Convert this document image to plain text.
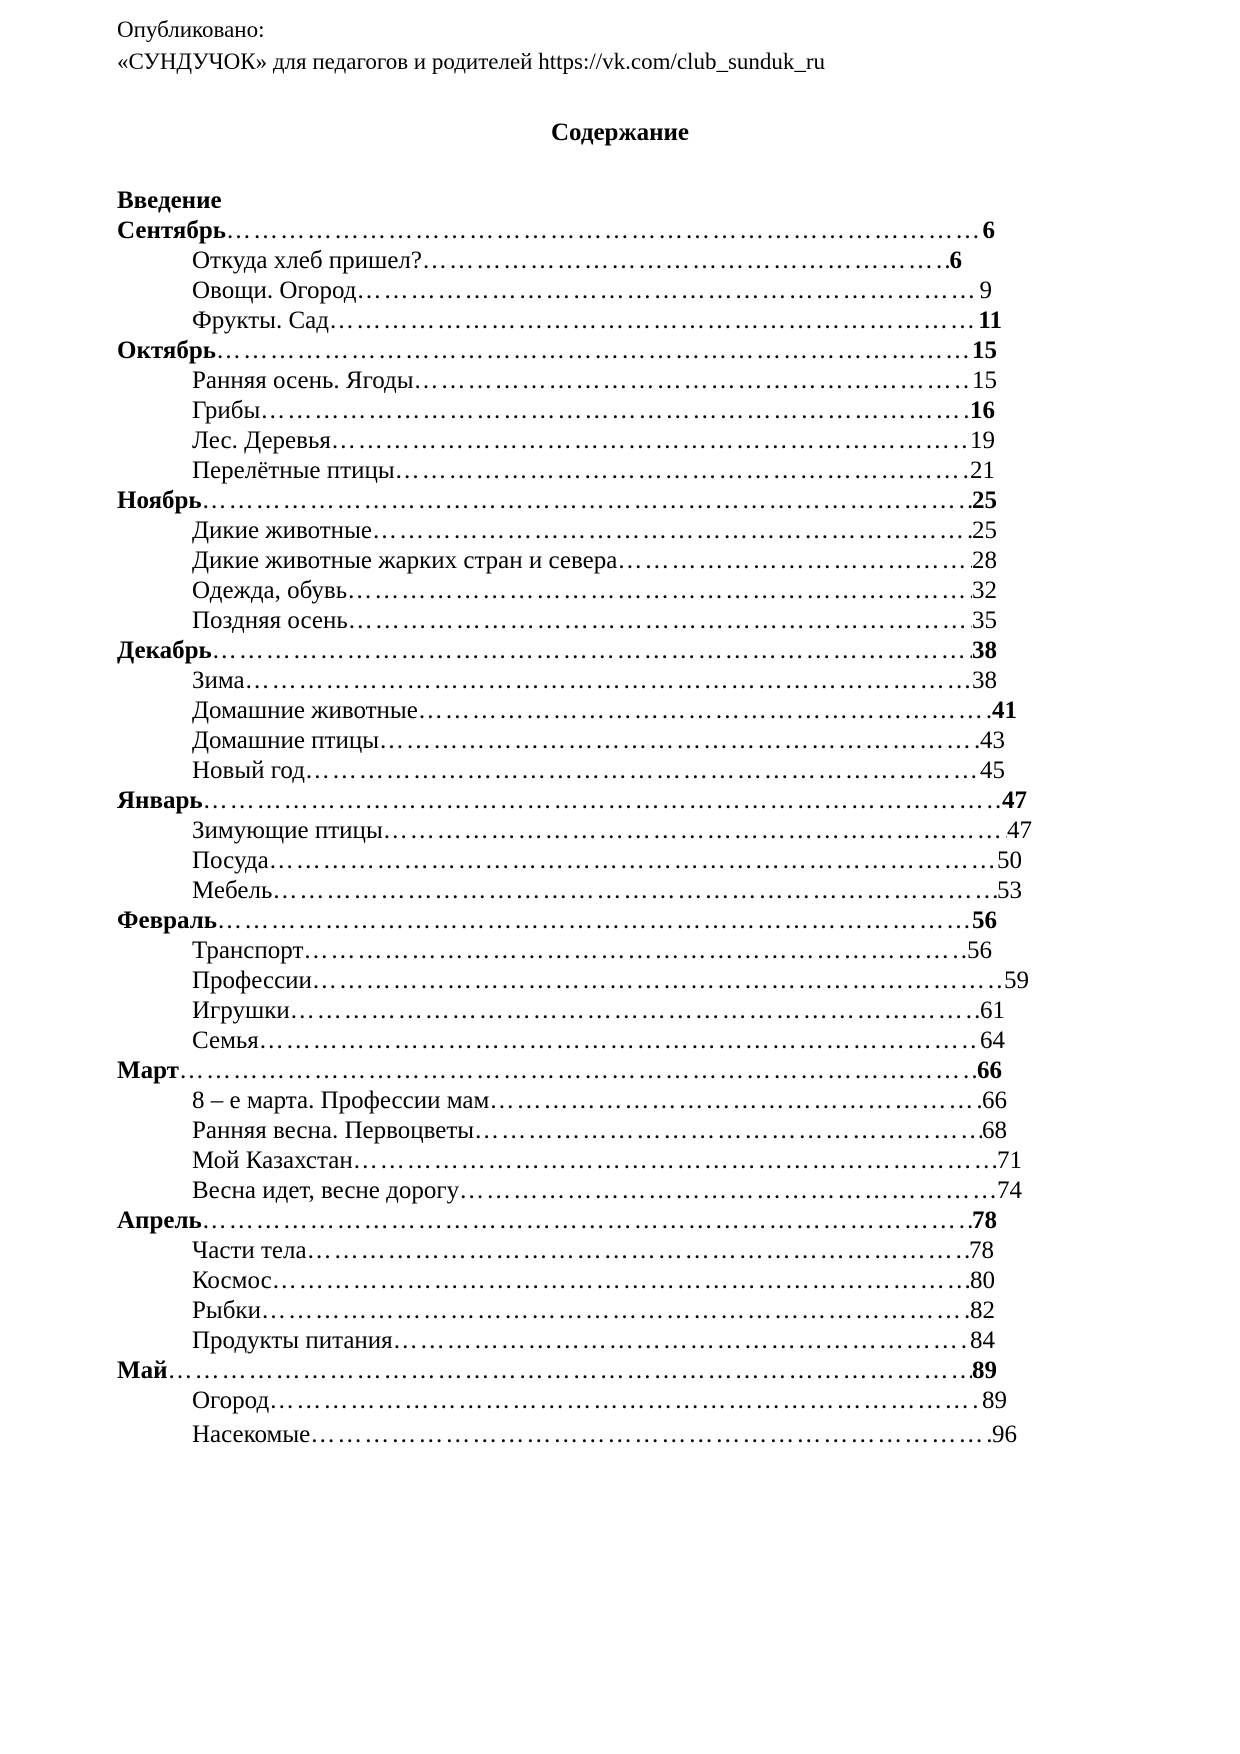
Опубликовано:
«СУНДУЧОК» для педагогов и родителей https://vk.com/club_sunduk_ru
Содержание
Введение
Сентябрь …………………………………………………………………………………………………………………………………………………………………………	6
Откуда хлеб пришел? …………………………………………………………………………………………………………………………………………………………………………	6
Овощи. Огород …………………………………………………………………………………………………………………………………………………………………………	9
Фрукты. Сад …………………………………………………………………………………………………………………………………………………………………………	11
Октябрь …………………………………………………………………………………………………………………………………………………………………………	15
Ранняя осень. Ягоды …………………………………………………………………………………………………………………………………………………………………………	15
Грибы …………………………………………………………………………………………………………………………………………………………………………	16
Лес. Деревья …………………………………………………………………………………………………………………………………………………………………………	19
Перелётные птицы …………………………………………………………………………………………………………………………………………………………………………	21
Ноябрь …………………………………………………………………………………………………………………………………………………………………………	25
Дикие животные …………………………………………………………………………………………………………………………………………………………………………	25
Дикие животные жарких стран и севера …………………………………………………………………………………………………………………………………………………………………………	28
Одежда, обувь …………………………………………………………………………………………………………………………………………………………………………	32
Поздняя осень …………………………………………………………………………………………………………………………………………………………………………	35
Декабрь …………………………………………………………………………………………………………………………………………………………………………	38
Зима …………………………………………………………………………………………………………………………………………………………………………	38
Домашние животные …………………………………………………………………………………………………………………………………………………………………………	41
Домашние птицы …………………………………………………………………………………………………………………………………………………………………………	43
Новый год …………………………………………………………………………………………………………………………………………………………………………	45
Январь …………………………………………………………………………………………………………………………………………………………………………	47
Зимующие птицы …………………………………………………………………………………………………………………………………………………………………………	47
Посуда …………………………………………………………………………………………………………………………………………………………………………	50
Мебель …………………………………………………………………………………………………………………………………………………………………………	53
Февраль …………………………………………………………………………………………………………………………………………………………………………	56
Транспорт …………………………………………………………………………………………………………………………………………………………………………	56
Профессии …………………………………………………………………………………………………………………………………………………………………………	59
Игрушки …………………………………………………………………………………………………………………………………………………………………………	61
Семья …………………………………………………………………………………………………………………………………………………………………………	64
Март …………………………………………………………………………………………………………………………………………………………………………	66
8 – е марта. Профессии мам …………………………………………………………………………………………………………………………………………………………………………	66
Ранняя весна. Первоцветы …………………………………………………………………………………………………………………………………………………………………………	68
Мой Казахстан …………………………………………………………………………………………………………………………………………………………………………	71
Весна идет, весне дорогу …………………………………………………………………………………………………………………………………………………………………………	74
Апрель …………………………………………………………………………………………………………………………………………………………………………	78
Части тела …………………………………………………………………………………………………………………………………………………………………………	78
Космос …………………………………………………………………………………………………………………………………………………………………………	80
Рыбки …………………………………………………………………………………………………………………………………………………………………………	82
Продукты питания …………………………………………………………………………………………………………………………………………………………………………	84
Май …………………………………………………………………………………………………………………………………………………………………………	89
Огород …………………………………………………………………………………………………………………………………………………………………………	89
Насекомые …………………………………………………………………………………………………………………………………………………………………………	96
